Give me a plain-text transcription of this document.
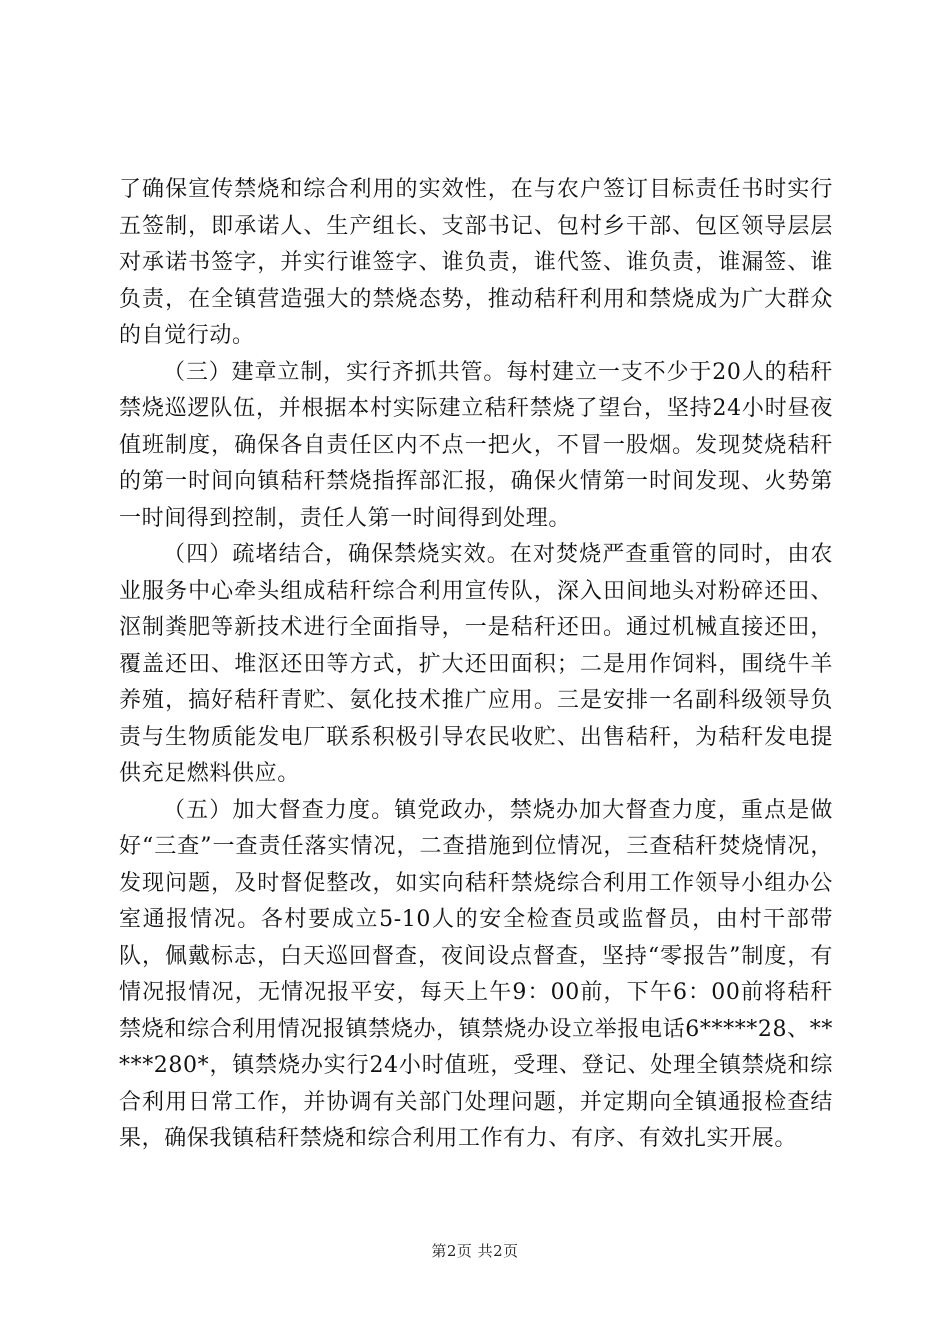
了确保宣传禁烧和综合利用的实效性，在与农户签订目标责任书时实行五签制，即承诺人、生产组长、支部书记、包村乡干部、包区领导层层对承诺书签字，并实行谁签字、谁负责，谁代签、谁负责，谁漏签、谁负责，在全镇营造强大的禁烧态势，推动秸秆利用和禁烧成为广大群众的自觉行动。

（三）建章立制，实行齐抓共管。每村建立一支不少于20人的秸秆禁烧巡逻队伍，并根据本村实际建立秸秆禁烧了望台，坚持24小时昼夜值班制度，确保各自责任区内不点一把火，不冒一股烟。发现焚烧秸秆的第一时间向镇秸秆禁烧指挥部汇报，确保火情第一时间发现、火势第一时间得到控制，责任人第一时间得到处理。

（四）疏堵结合，确保禁烧实效。在对焚烧严查重管的同时，由农业服务中心牵头组成秸秆综合利用宣传队，深入田间地头对粉碎还田、沤制粪肥等新技术进行全面指导，一是秸秆还田。通过机械直接还田，覆盖还田、堆沤还田等方式，扩大还田面积；二是用作饲料，围绕牛羊养殖，搞好秸秆青贮、氨化技术推广应用。三是安排一名副科级领导负责与生物质能发电厂联系积极引导农民收贮、出售秸秆，为秸秆发电提供充足燃料供应。

（五）加大督查力度。镇党政办，禁烧办加大督查力度，重点是做好“三查”一查责任落实情况，二查措施到位情况，三查秸秆焚烧情况，发现问题，及时督促整改，如实向秸秆禁烧综合利用工作领导小组办公室通报情况。各村要成立5-10人的安全检查员或监督员，由村干部带队，佩戴标志，白天巡回督查，夜间设点督查，坚持“零报告”制度，有情况报情况，无情况报平安，每天上午9：00前，下午6：00前将秸秆禁烧和综合利用情况报镇禁烧办，镇禁烧办设立举报电话6*****28、*****280*，镇禁烧办实行24小时值班，受理、登记、处理全镇禁烧和综合利用日常工作，并协调有关部门处理问题，并定期向全镇通报检查结果，确保我镇秸秆禁烧和综合利用工作有力、有序、有效扎实开展。

第2页 共2页
